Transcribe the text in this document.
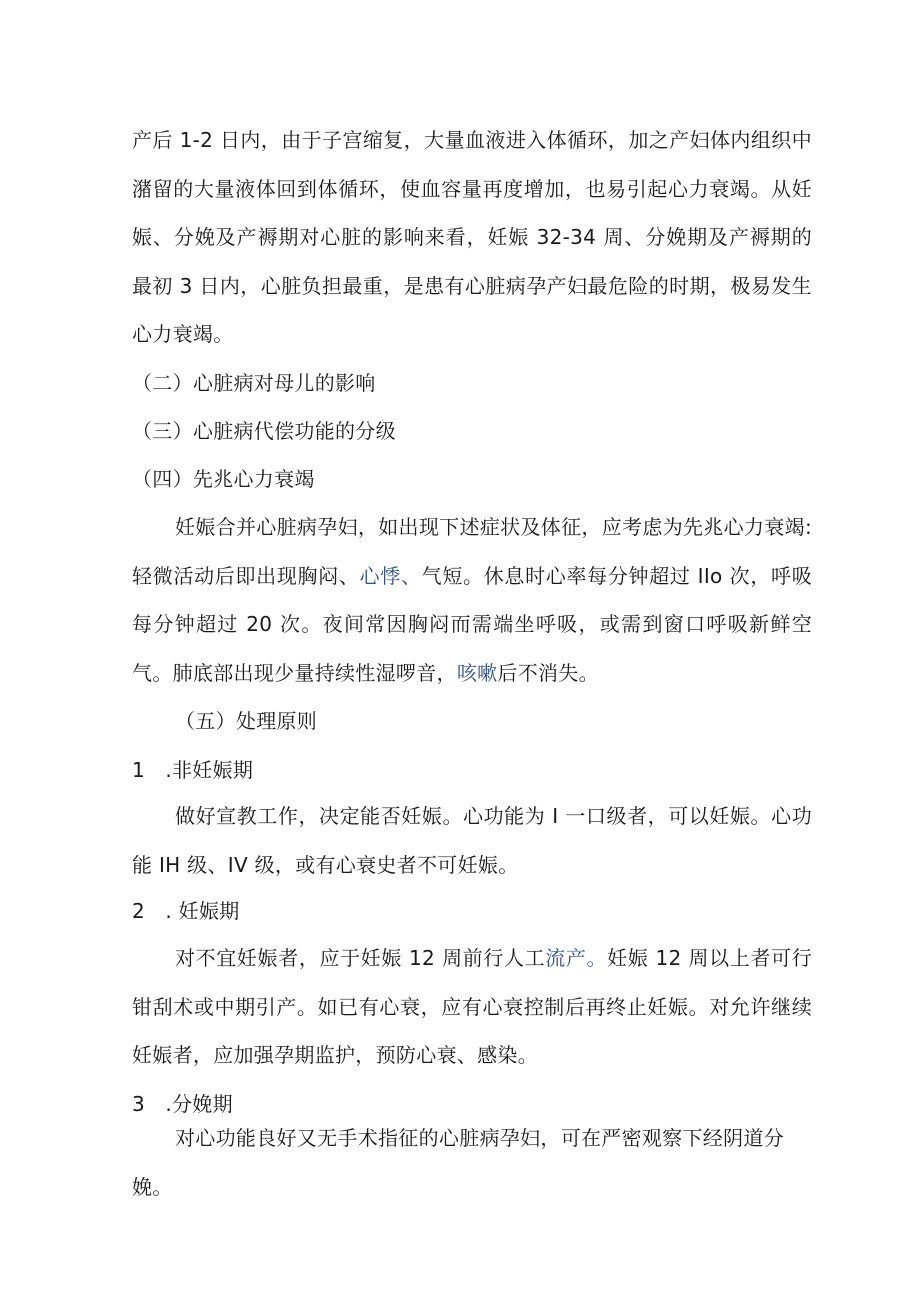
产后 1-2 日内，由于子宫缩复，大量血液进入体循环，加之产妇体内组织中潴留的大量液体回到体循环，使血容量再度增加，也易引起心力衰竭。从妊娠、分娩及产褥期对心脏的影响来看，妊娠 32-34 周、分娩期及产褥期的最初 3 日内，心脏负担最重，是患有心脏病孕产妇最危险的时期，极易发生心力衰竭。

（二）心脏病对母儿的影响

（三）心脏病代偿功能的分级

（四）先兆心力衰竭

妊娠合并心脏病孕妇，如出现下述症状及体征，应考虑为先兆心力衰竭:轻微活动后即出现胸闷、心悸、气短。休息时心率每分钟超过 IIo 次，呼吸每分钟超过 20 次。夜间常因胸闷而需端坐呼吸，或需到窗口呼吸新鲜空气。肺底部出现少量持续性湿啰音，咳嗽后不消失。

（五）处理原则

1 .非妊娠期

做好宣教工作，决定能否妊娠。心功能为 I 一口级者，可以妊娠。心功能 IH 级、IV 级，或有心衰史者不可妊娠。

2 . 妊娠期

对不宜妊娠者，应于妊娠 12 周前行人工流产。妊娠 12 周以上者可行钳刮术或中期引产。如已有心衰，应有心衰控制后再终止妊娠。对允许继续妊娠者，应加强孕期监护，预防心衰、感染。

3 .分娩期

对心功能良好又无手术指征的心脏病孕妇，可在严密观察下经阴道分娩。
